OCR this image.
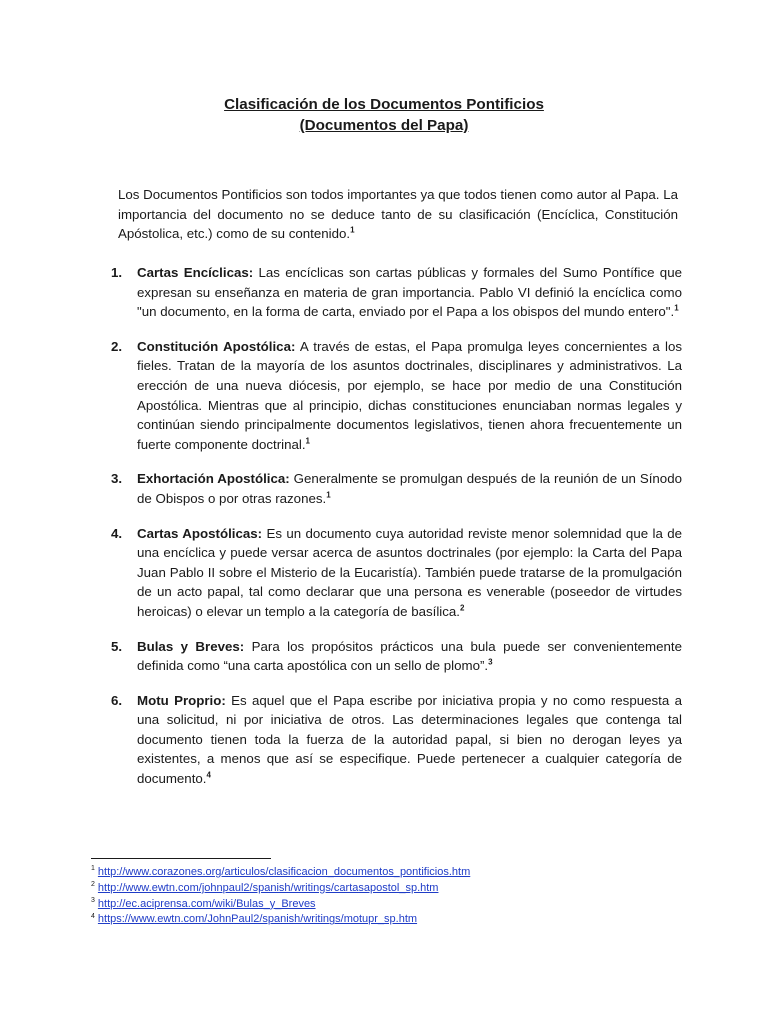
Clasificación de los Documentos Pontificios
(Documentos del Papa)

Los Documentos Pontificios son todos importantes ya que todos tienen como autor al Papa. La importancia del documento no se deduce tanto de su clasificación (Encíclica, Constitución Apóstolica, etc.) como de su contenido.$^1$

1. Cartas Encíclicas: Las encíclicas son cartas públicas y formales del Sumo Pontífice que expresan su enseñanza en materia de gran importancia. Pablo VI definió la encíclica como "un documento, en la forma de carta, enviado por el Papa a los obispos del mundo entero".$^1$
2. Constitución Apostólica: A través de estas, el Papa promulga leyes concernientes a los fieles. Tratan de la mayoría de los asuntos doctrinales, disciplinares y administrativos. La erección de una nueva diócesis, por ejemplo, se hace por medio de una Constitución Apostólica. Mientras que al principio, dichas constituciones enunciaban normas legales y continúan siendo principalmente documentos legislativos, tienen ahora frecuentemente un fuerte componente doctrinal.$^1$
3. Exhortación Apostólica: Generalmente se promulgan después de la reunión de un Sínodo de Obispos o por otras razones.$^1$
4. Cartas Apostólicas: Es un documento cuya autoridad reviste menor solemnidad que la de una encíclica y puede versar acerca de asuntos doctrinales (por ejemplo: la Carta del Papa Juan Pablo II sobre el Misterio de la Eucaristía). También puede tratarse de la promulgación de un acto papal, tal como declarar que una persona es venerable (poseedor de virtudes heroicas) o elevar un templo a la categoría de basílica.$^2$
5. Bulas y Breves: Para los propósitos prácticos una bula puede ser convenientemente definida como “una carta apostólica con un sello de plomo”.$^3$
6. Motu Proprio: Es aquel que el Papa escribe por iniciativa propia y no como respuesta a una solicitud, ni por iniciativa de otros. Las determinaciones legales que contenga tal documento tienen toda la fuerza de la autoridad papal, si bien no derogan leyes ya existentes, a menos que así se especifique. Puede pertenecer a cualquier categoría de documento.$^4$
$^1$ http://www.corazones.org/articulos/clasificacion_documentos_pontificios.htm
$^2$ http://www.ewtn.com/johnpaul2/spanish/writings/cartasapostol_sp.htm
$^3$ http://ec.aciprensa.com/wiki/Bulas_y_Breves
$^4$ https://www.ewtn.com/JohnPaul2/spanish/writings/motupr_sp.htm
